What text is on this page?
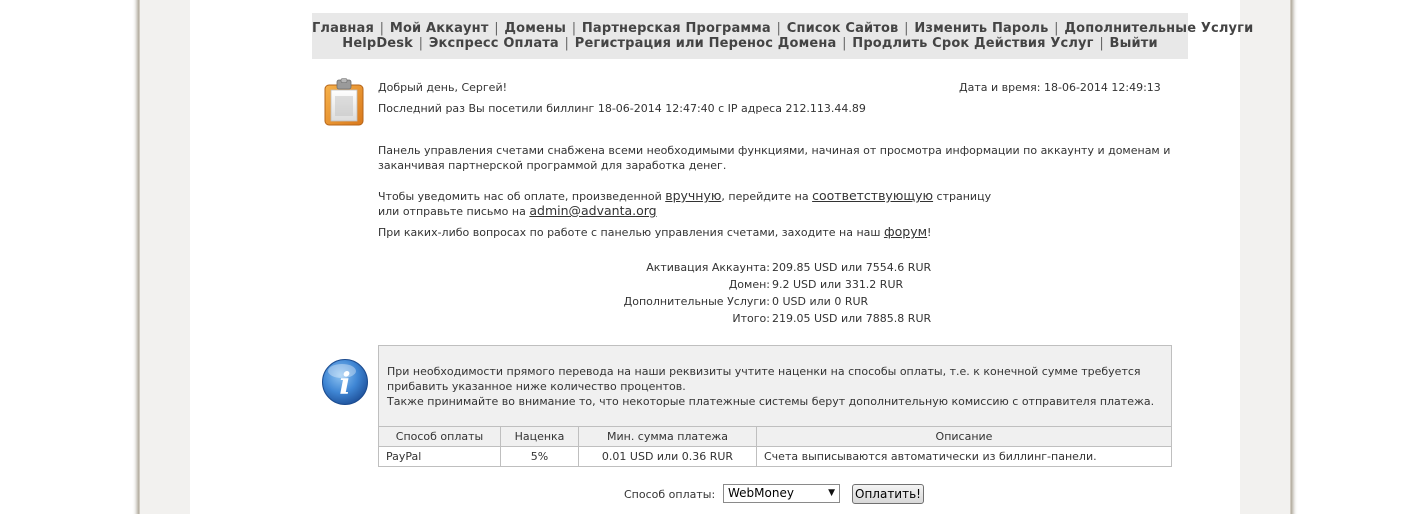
Главная | Мой Аккаунт | Домены | Партнерская Программа | Список Сайтов | Изменить Пароль | Дополнительные Услуги
HelpDesk | Экспресс Оплата | Регистрация или Перенос Домена | Продлить Срок Действия Услуг | Выйти
Добрый день, Сергей!	Дата и время: 18-06-2014 12:49:13
Последний раз Вы посетили биллинг 18-06-2014 12:47:40 с IP адреса 212.113.44.89
Панель управления счетами снабжена всеми необходимыми функциями, начиная от просмотра информации по аккаунту и доменам и
заканчивая партнерской программой для заработка денег.
Чтобы уведомить нас об оплате, произведенной вручную, перейдите на соответствующую страницу
или отправьте письмо на admin@advanta.org
При каких-либо вопросах по работе с панелью управления счетами, заходите на наш форум!
Активация Аккаунта: 209.85 USD или 7554.6 RUR
Домен: 9.2 USD или 331.2 RUR
Дополнительные Услуги: 0 USD или 0 RUR
Итого: 219.05 USD или 7885.8 RUR
i	При необходимости прямого перевода на наши реквизиты учтите наценки на способы оплаты, т.е. к конечной сумме требуется
прибавить указанное ниже количество процентов.
Также принимайте во внимание то, что некоторые платежные системы берут дополнительную комиссию с отправителя платежа.
Способ оплаты	Наценка	Мин. сумма платежа	Описание
PayPal	5%	0.01 USD или 0.36 RUR	Счета выписываются автоматически из биллинг-панели.
Способ оплаты:	WebMoney	▼ Оплатить!
